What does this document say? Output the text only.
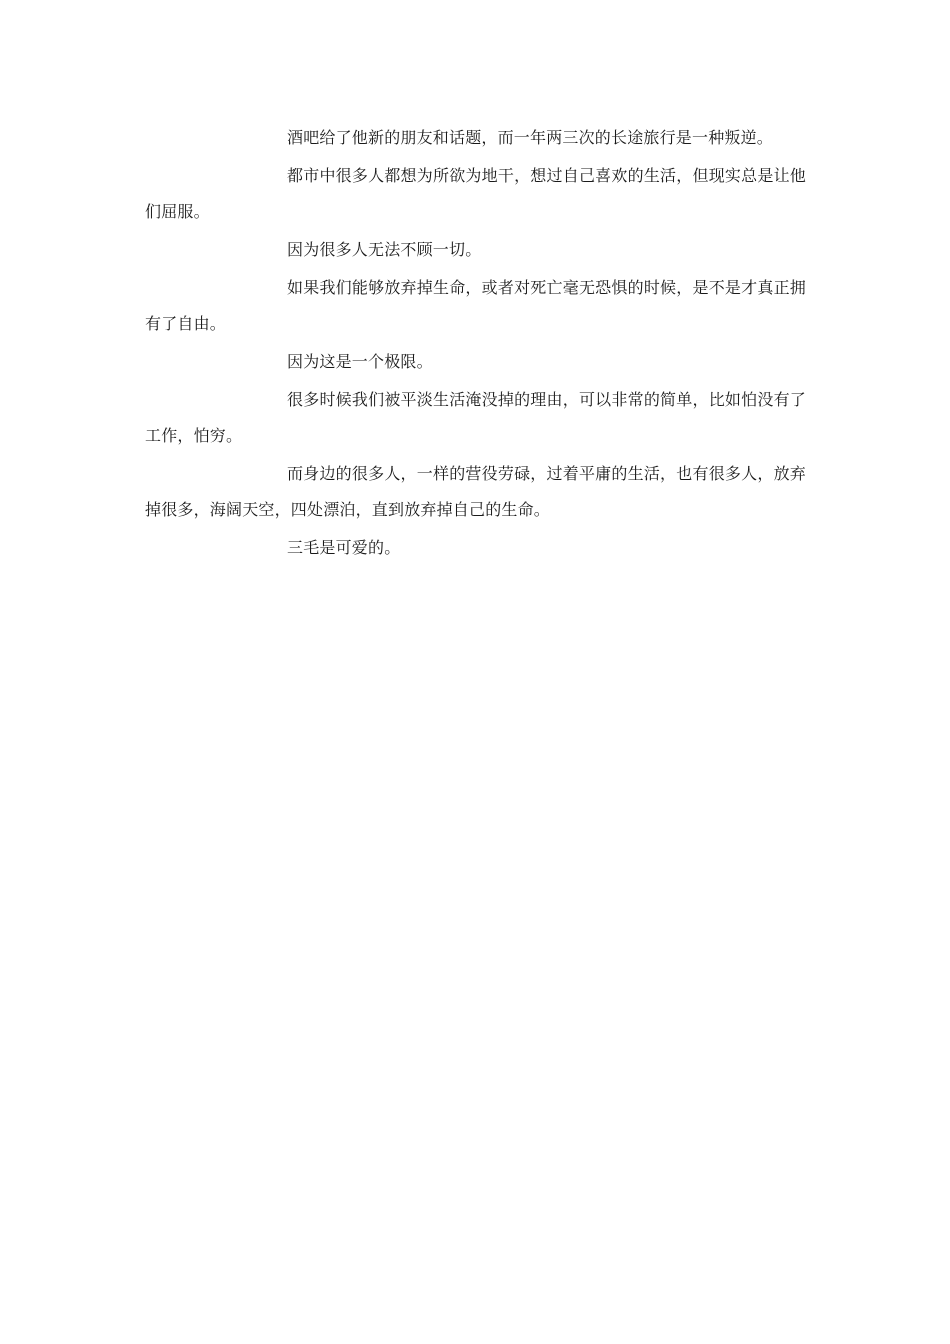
酒吧给了他新的朋友和话题，而一年两三次的长途旅行是一种叛逆。

都市中很多人都想为所欲为地干，想过自己喜欢的生活，但现实总是让他们屈服。

因为很多人无法不顾一切。

如果我们能够放弃掉生命，或者对死亡毫无恐惧的时候，是不是才真正拥有了自由。

因为这是一个极限。

很多时候我们被平淡生活淹没掉的理由，可以非常的简单，比如怕没有了工作，怕穷。

而身边的很多人，一样的营役劳碌，过着平庸的生活，也有很多人，放弃掉很多，海阔天空，四处漂泊，直到放弃掉自己的生命。

三毛是可爱的。
